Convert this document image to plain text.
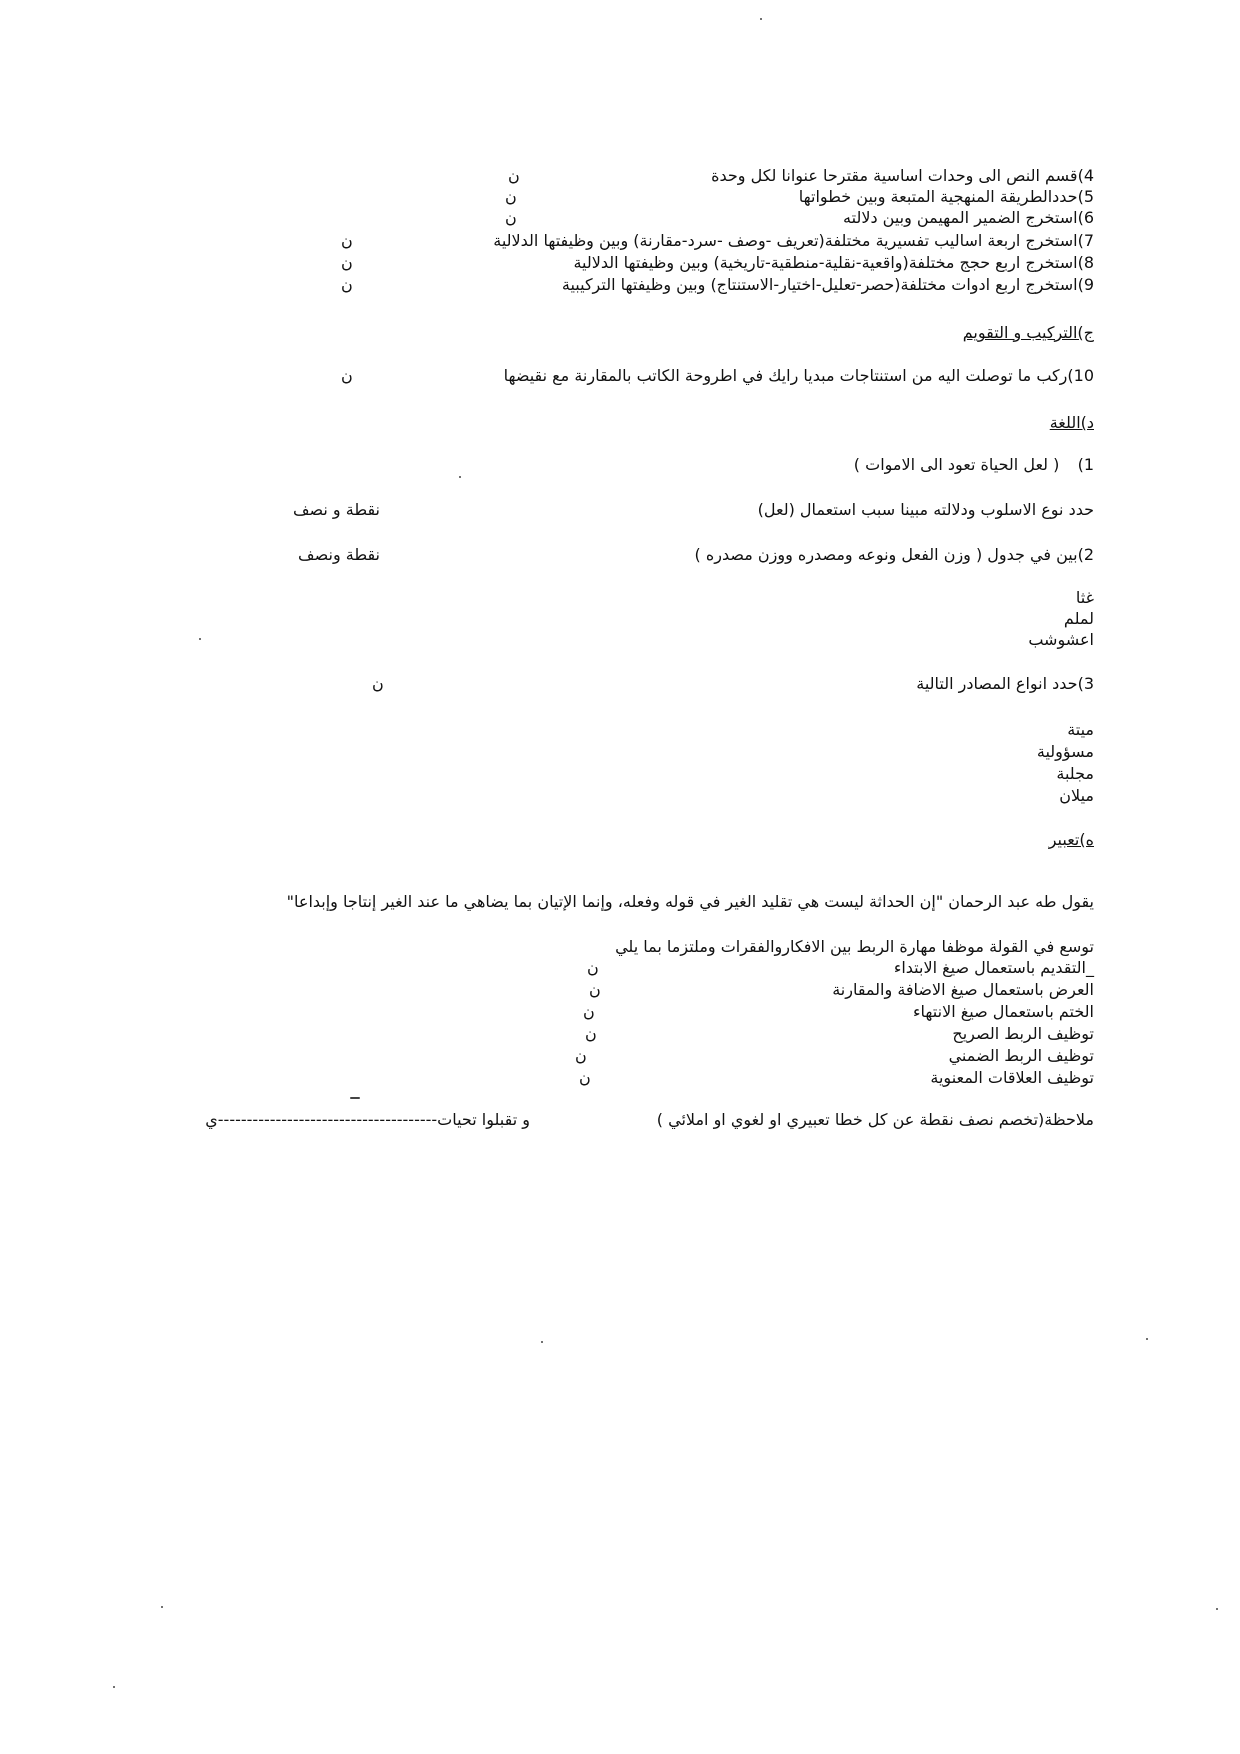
4)قسم النص الى وحدات اساسية مقترحا عنوانا لكل وحدة
ن
5)حددالطريقة المنهجية المتبعة وبين خطواتها
ن
6)استخرج الضمير المهيمن وبين دلالته
ن
7)استخرج اربعة اساليب تفسيرية مختلفة(تعريف -وصف -سرد-مقارنة) وبين وظيفتها الدلالية
ن
8)استخرج اربع حجج مختلفة(واقعية-نقلية-منطقية-تاريخية) وبين وظيفتها الدلالية
ن
9)استخرج اربع ادوات مختلفة(حصر-تعليل-اختيار-الاستنتاج) وبين وظيفتها التركيبية
ن
ج)التركيب و التقويم
10)ركب ما توصلت اليه من استنتاجات مبديا رايك في اطروحة الكاتب بالمقارنة مع نقيضها
ن
د)اللغة
1)  ( لعل الحياة تعود الى الاموات )
حدد نوع الاسلوب ودلالته مبينا سبب استعمال (لعل)
نقطة و نصف
2)بين في جدول ( وزن الفعل ونوعه ومصدره ووزن مصدره )
نقطة ونصف
غثا
لملم
اعشوشب
3)حدد انواع المصادر التالية
ن
ميتة
مسؤولية
مجلبة
ميلان
ه)تعبير
يقول طه عبد الرحمان "إن الحداثة ليست هي تقليد الغير في قوله وفعله، وإنما الإتيان بما يضاهي ما عند الغير إنتاجا وإبداعا"
توسع في القولة موظفا مهارة الربط بين الافكاروالفقرات وملتزما بما يلي
_التقديم باستعمال صيغ الابتداء
ن
العرض باستعمال صيغ الاضافة والمقارنة
ن
الختم باستعمال صيغ الانتهاء
ن
توظيف الربط الصريح
ن
توظيف الربط الضمني
ن
توظيف العلاقات المعنوية
ن
ملاحظة(تخصم نصف نقطة عن كل خطا تعبيري او لغوي او املائي )
و تقبلوا تحيات--------------------------------------ي
